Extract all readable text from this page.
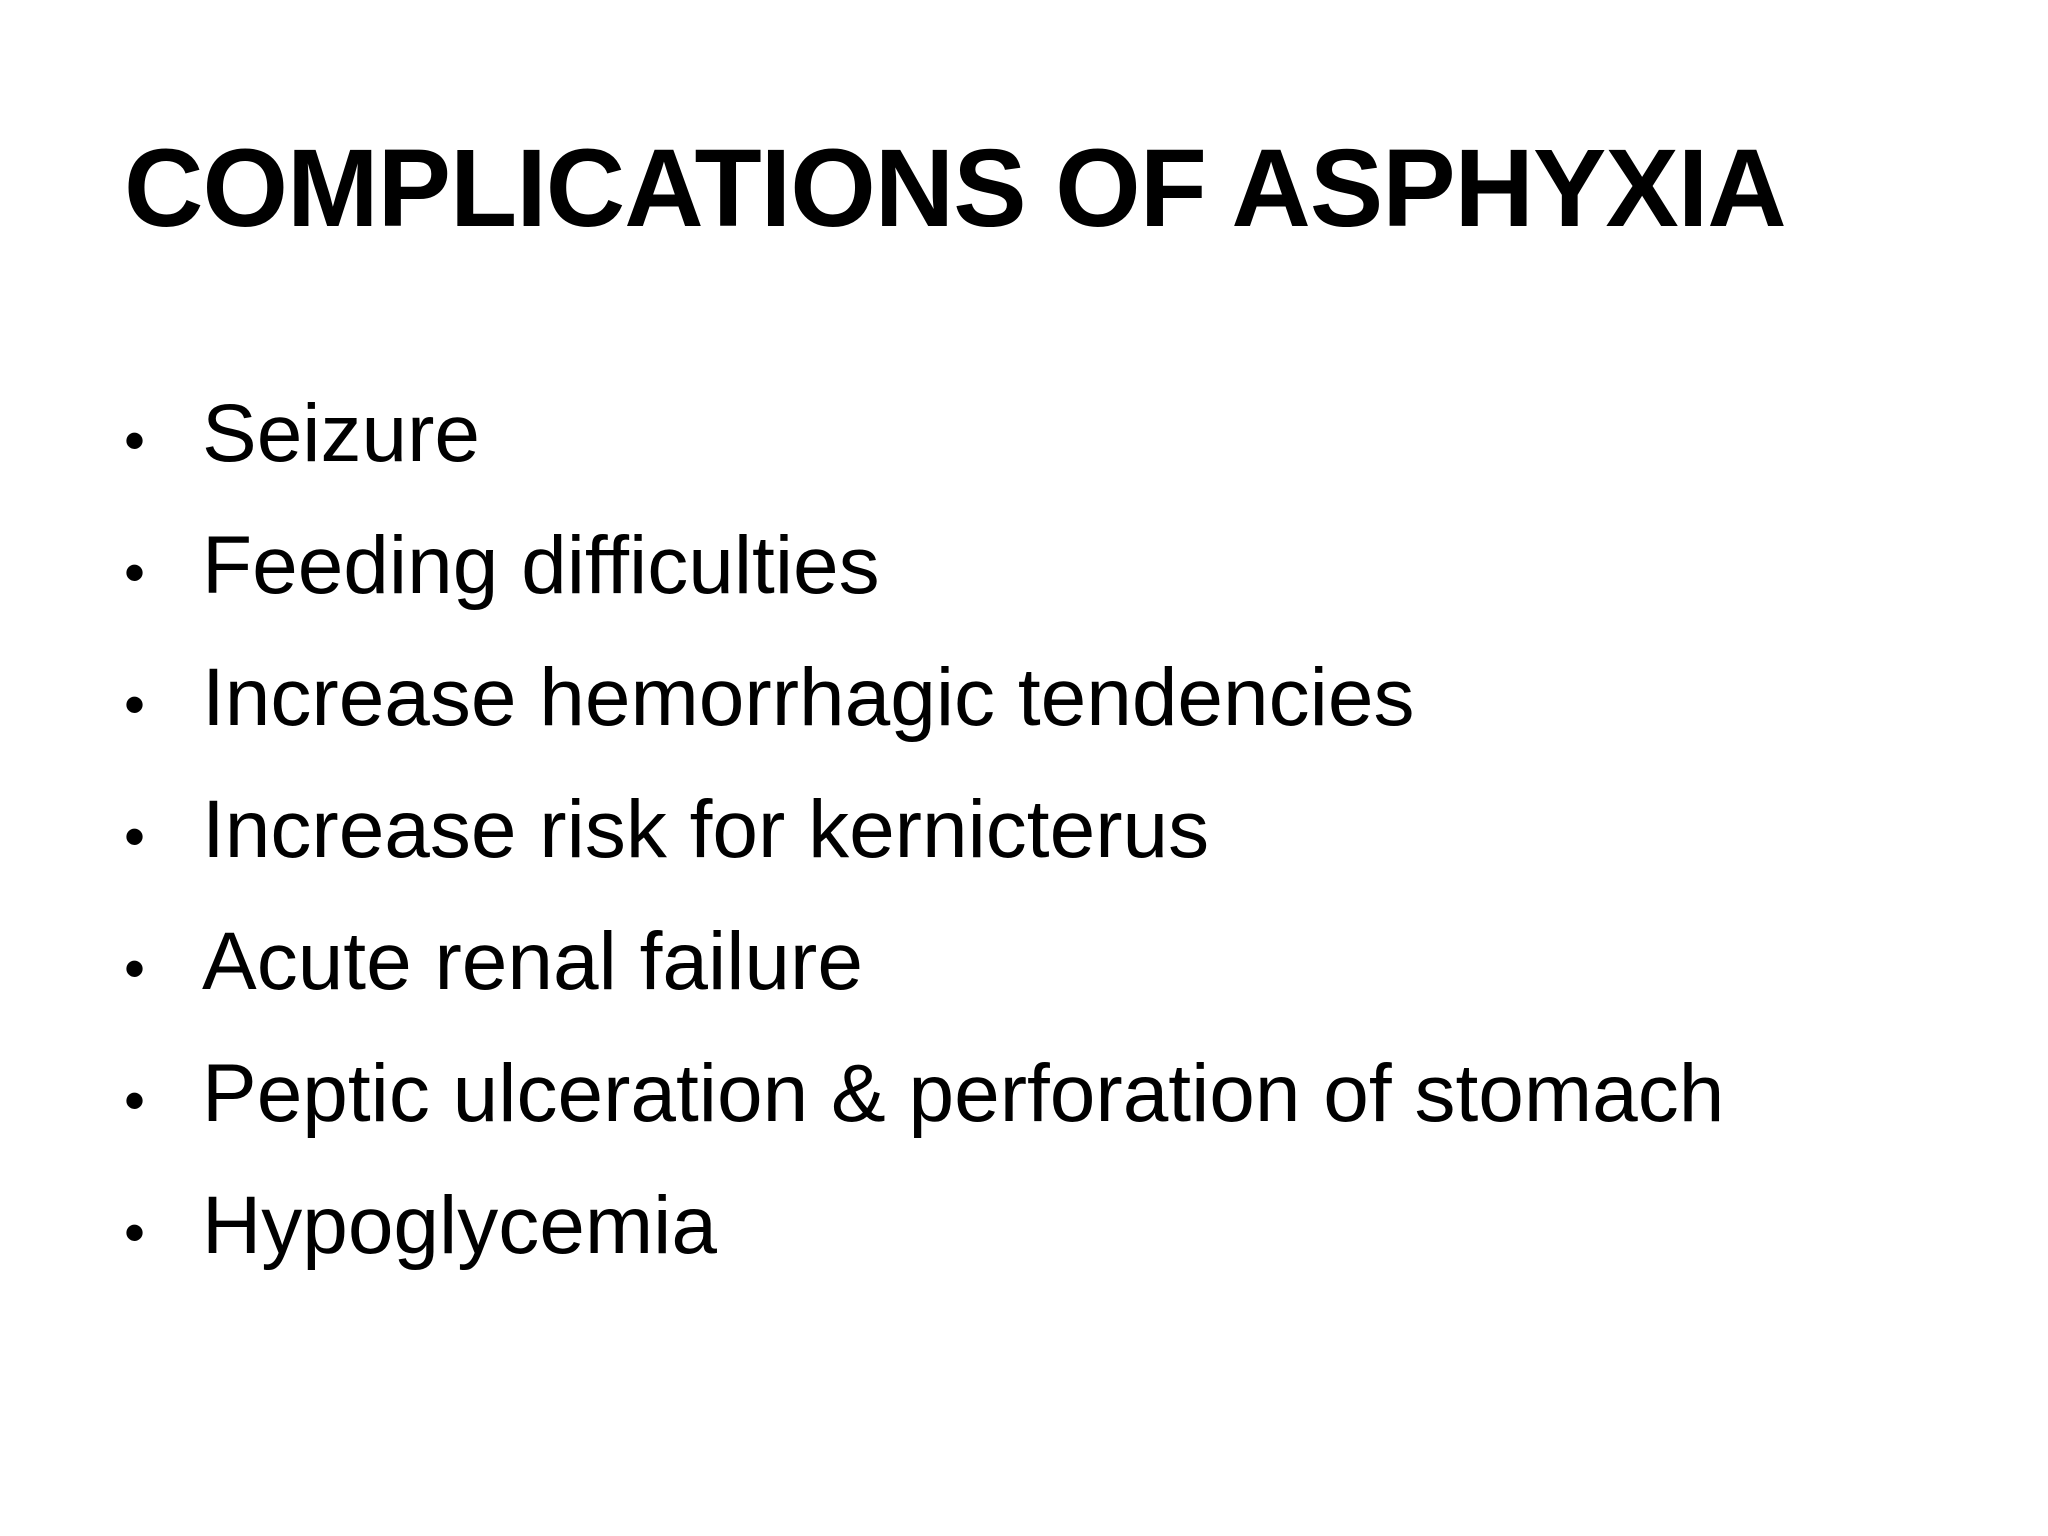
COMPLICATIONS OF ASPHYXIA
• Seizure
• Feeding difficulties
• Increase hemorrhagic tendencies
• Increase risk for kernicterus
• Acute renal failure
• Peptic ulceration & perforation of stomach
• Hypoglycemia
